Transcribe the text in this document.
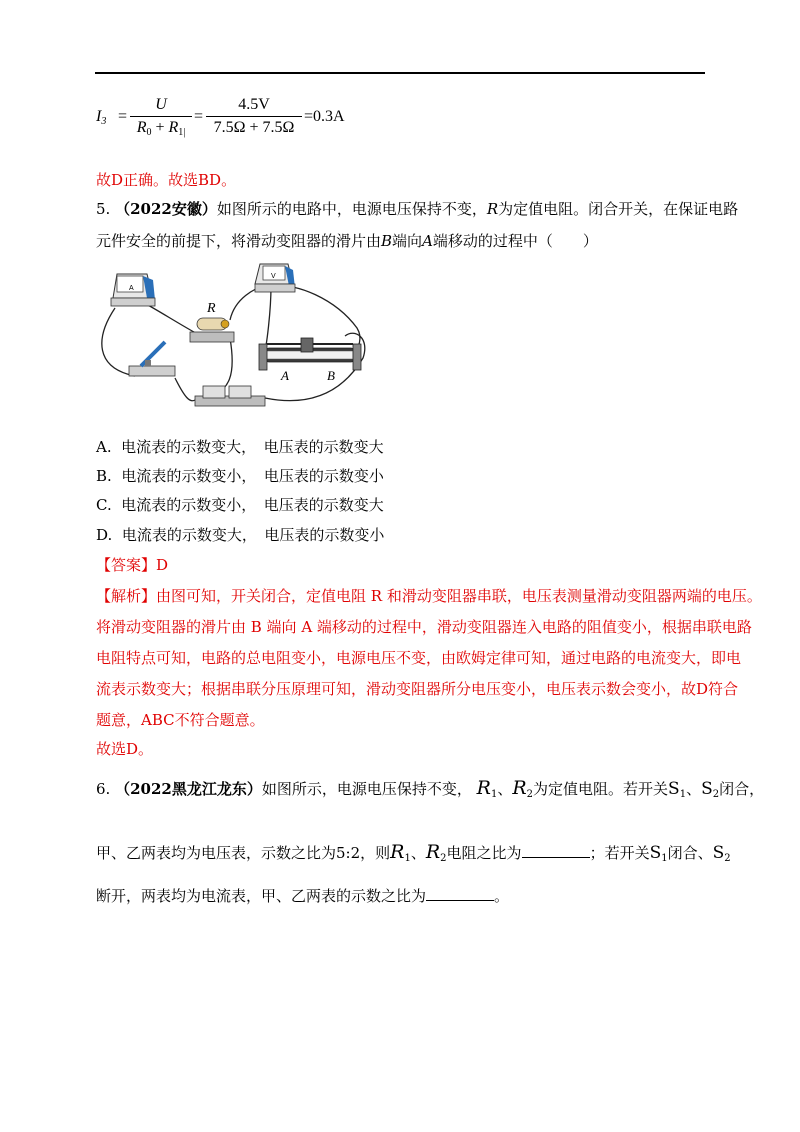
$I_3$ =
U
$R_0 + R_{1|}$
=
4.5V
7.5Ω + 7.5Ω
=0.3A
故D正确。故选BD。
5. （2022安徽）如图所示的电路中，电源电压保持不变，R为定值电阻。闭合开关，在保证电路
元件安全的前提下，将滑动变阻器的滑片由B端向A端移动的过程中（　　）
A
V
R
A	B
A. 电流表的示数变大，　电压表的示数变大
B. 电流表的示数变小，　电压表的示数变小
C. 电流表的示数变小，　电压表的示数变大
D. 电流表的示数变大，　电压表的示数变小
【答案】D
【解析】由图可知，开关闭合，定值电阻 R 和滑动变阻器串联，电压表测量滑动变阻器两端的电压。
将滑动变阻器的滑片由 B 端向 A 端移动的过程中，滑动变阻器连入电路的阻值变小，根据串联电路
电阻特点可知，电路的总电阻变小，电源电压不变，由欧姆定律可知，通过电路的电流变大，即电
流表示数变大；根据串联分压原理可知，滑动变阻器所分电压变小，电压表示数会变小，故D符合
题意，ABC不符合题意。
故选D。
6. （2022黑龙江龙东）如图所示，电源电压保持不变， $R_1$、$R_2$为定值电阻。若开关$S_1$、$S_2$闭合，
甲、乙两表均为电压表，示数之比为5:2，则$R_1$、$R_2$电阻之比为	；若开关$S_1$闭合、$S_2$
断开，两表均为电流表，甲、乙两表的示数之比为	。
